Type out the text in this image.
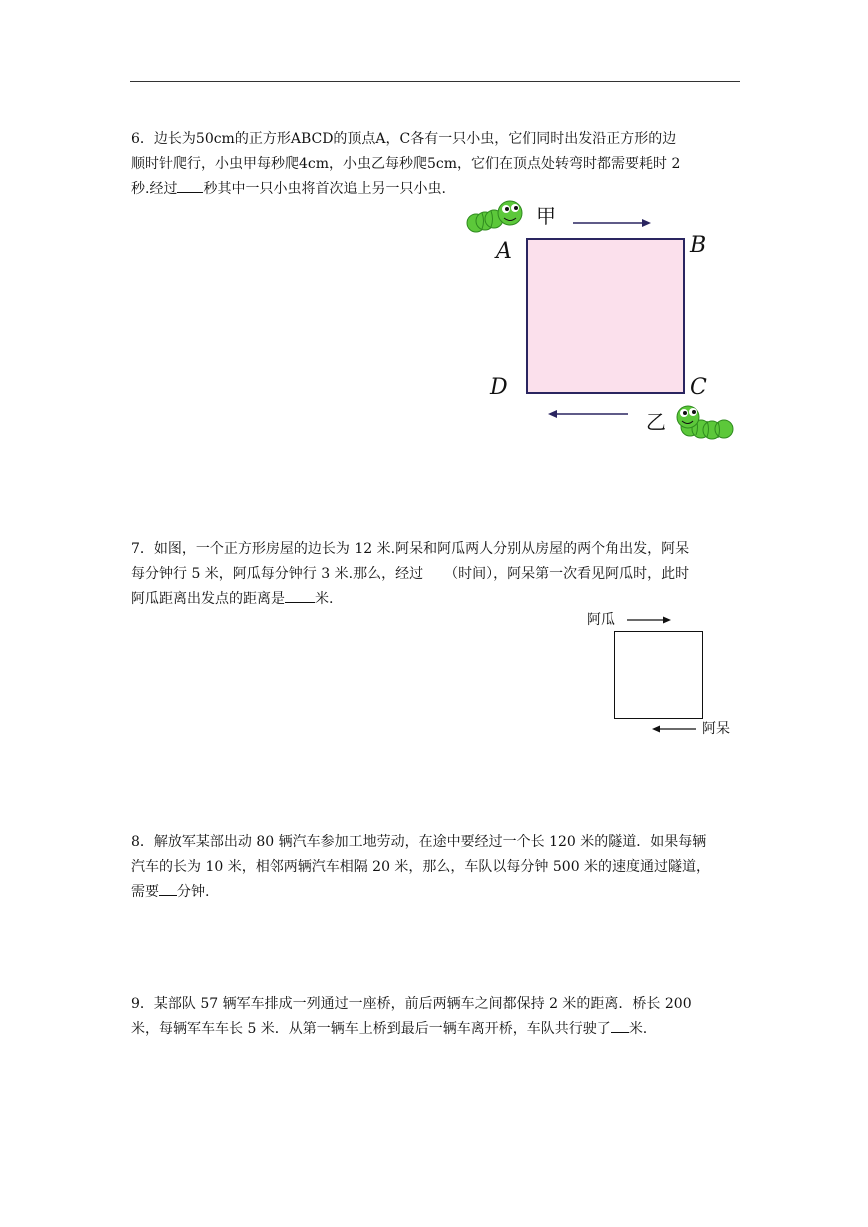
6．边长为50cm的正方形ABCD的顶点A，C各有一只小虫，它们同时出发沿正方形的边

顺时针爬行，小虫甲每秒爬4cm，小虫乙每秒爬5cm，它们在顶点处转弯时都需要耗时 2

秒.经过 秒其中一只小虫将首次追上另一只小虫.

甲
乙
A	B
D	C

7．如图，一个正方形房屋的边长为 12 米.阿呆和阿瓜两人分别从房屋的两个角出发，阿呆

每分钟行 5 米，阿瓜每分钟行 3 米.那么，经过　　（时间），阿呆第一次看见阿瓜时，此时

阿瓜距离出发点的距离是 米.

阿瓜
阿呆

8．解放军某部出动 80 辆汽车参加工地劳动，在途中要经过一个长 120 米的隧道．如果每辆

汽车的长为 10 米，相邻两辆汽车相隔 20 米，那么，车队以每分钟 500 米的速度通过隧道，

需要 分钟.

9．某部队 57 辆军车排成一列通过一座桥，前后两辆车之间都保持 2 米的距离．桥长 200

米，每辆军车车长 5 米．从第一辆车上桥到最后一辆车离开桥，车队共行驶了 米.
